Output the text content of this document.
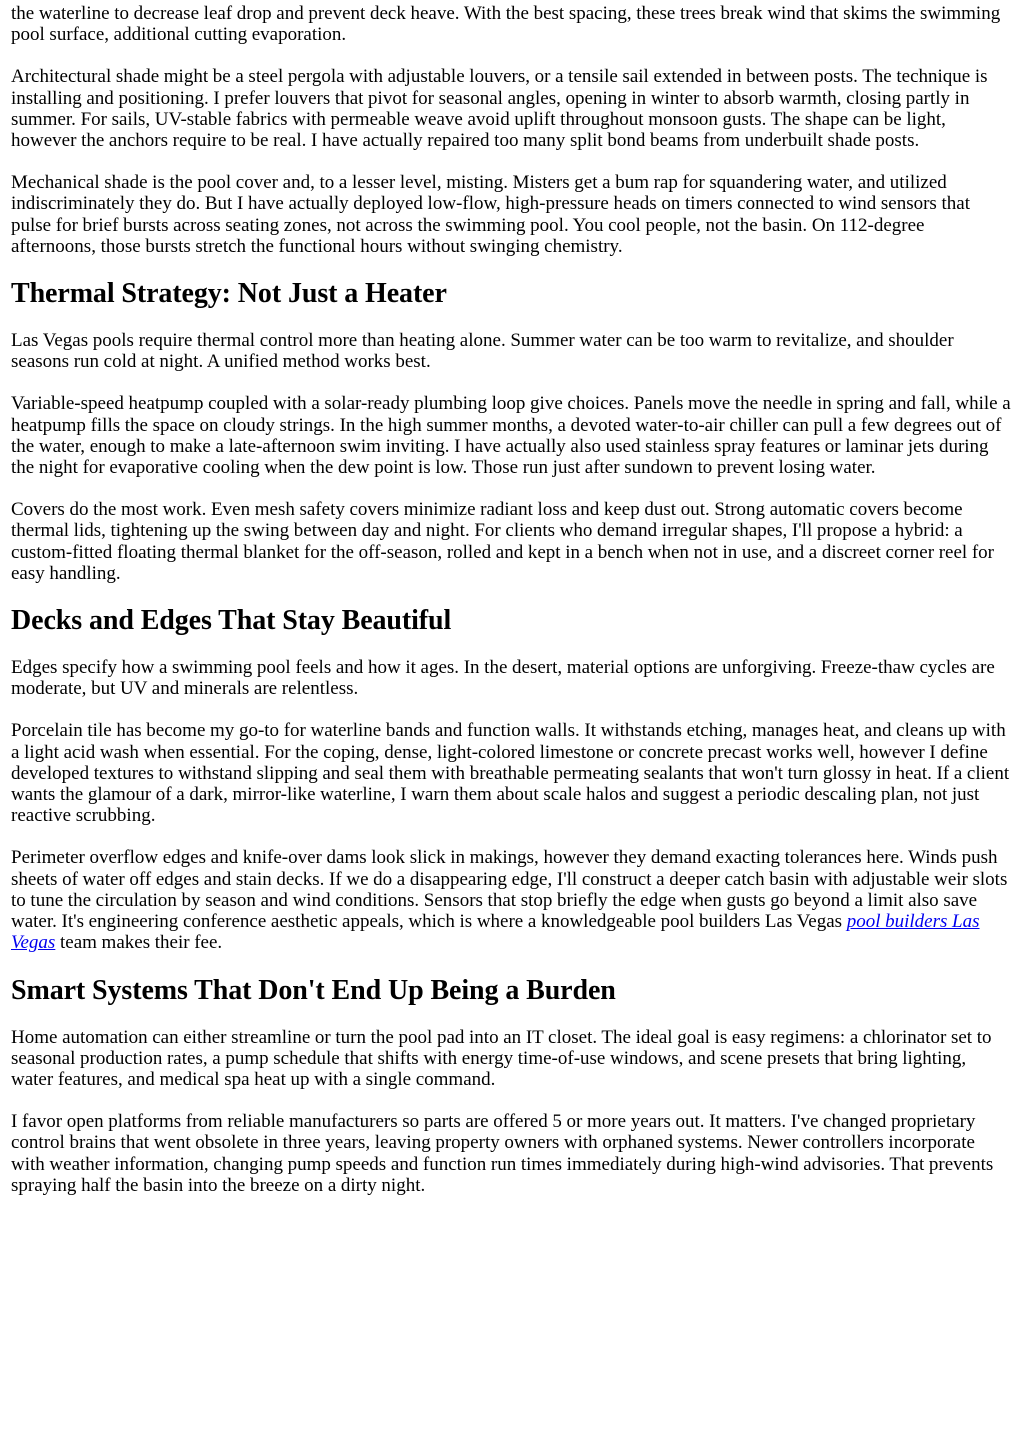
the waterline to decrease leaf drop and prevent deck heave. With the best spacing, these trees break wind that skims the swimming pool surface, additional cutting evaporation.

Architectural shade might be a steel pergola with adjustable louvers, or a tensile sail extended in between posts. The technique is installing and positioning. I prefer louvers that pivot for seasonal angles, opening in winter to absorb warmth, closing partly in summer. For sails, UV-stable fabrics with permeable weave avoid uplift throughout monsoon gusts. The shape can be light, however the anchors require to be real. I have actually repaired too many split bond beams from underbuilt shade posts.

Mechanical shade is the pool cover and, to a lesser level, misting. Misters get a bum rap for squandering water, and utilized indiscriminately they do. But I have actually deployed low-flow, high-pressure heads on timers connected to wind sensors that pulse for brief bursts across seating zones, not across the swimming pool. You cool people, not the basin. On 112-degree afternoons, those bursts stretch the functional hours without swinging chemistry.

Thermal Strategy: Not Just a Heater

Las Vegas pools require thermal control more than heating alone. Summer water can be too warm to revitalize, and shoulder seasons run cold at night. A unified method works best.

Variable-speed heatpump coupled with a solar-ready plumbing loop give choices. Panels move the needle in spring and fall, while a heatpump fills the space on cloudy strings. In the high summer months, a devoted water-to-air chiller can pull a few degrees out of the water, enough to make a late-afternoon swim inviting. I have actually also used stainless spray features or laminar jets during the night for evaporative cooling when the dew point is low. Those run just after sundown to prevent losing water.

Covers do the most work. Even mesh safety covers minimize radiant loss and keep dust out. Strong automatic covers become thermal lids, tightening up the swing between day and night. For clients who demand irregular shapes, I'll propose a hybrid: a custom-fitted floating thermal blanket for the off-season, rolled and kept in a bench when not in use, and a discreet corner reel for easy handling.

Decks and Edges That Stay Beautiful

Edges specify how a swimming pool feels and how it ages. In the desert, material options are unforgiving. Freeze-thaw cycles are moderate, but UV and minerals are relentless.

Porcelain tile has become my go-to for waterline bands and function walls. It withstands etching, manages heat, and cleans up with a light acid wash when essential. For the coping, dense, light-colored limestone or concrete precast works well, however I define developed textures to withstand slipping and seal them with breathable permeating sealants that won't turn glossy in heat. If a client wants the glamour of a dark, mirror-like waterline, I warn them about scale halos and suggest a periodic descaling plan, not just reactive scrubbing.

Perimeter overflow edges and knife-over dams look slick in makings, however they demand exacting tolerances here. Winds push sheets of water off edges and stain decks. If we do a disappearing edge, I'll construct a deeper catch basin with adjustable weir slots to tune the circulation by season and wind conditions. Sensors that stop briefly the edge when gusts go beyond a limit also save water. It's engineering conference aesthetic appeals, which is where a knowledgeable pool builders Las Vegas pool builders Las Vegas team makes their fee.

Smart Systems That Don't End Up Being a Burden

Home automation can either streamline or turn the pool pad into an IT closet. The ideal goal is easy regimens: a chlorinator set to seasonal production rates, a pump schedule that shifts with energy time-of-use windows, and scene presets that bring lighting, water features, and medical spa heat up with a single command.

I favor open platforms from reliable manufacturers so parts are offered 5 or more years out. It matters. I've changed proprietary control brains that went obsolete in three years, leaving property owners with orphaned systems. Newer controllers incorporate with weather information, changing pump speeds and function run times immediately during high-wind advisories. That prevents spraying half the basin into the breeze on a dirty night.
